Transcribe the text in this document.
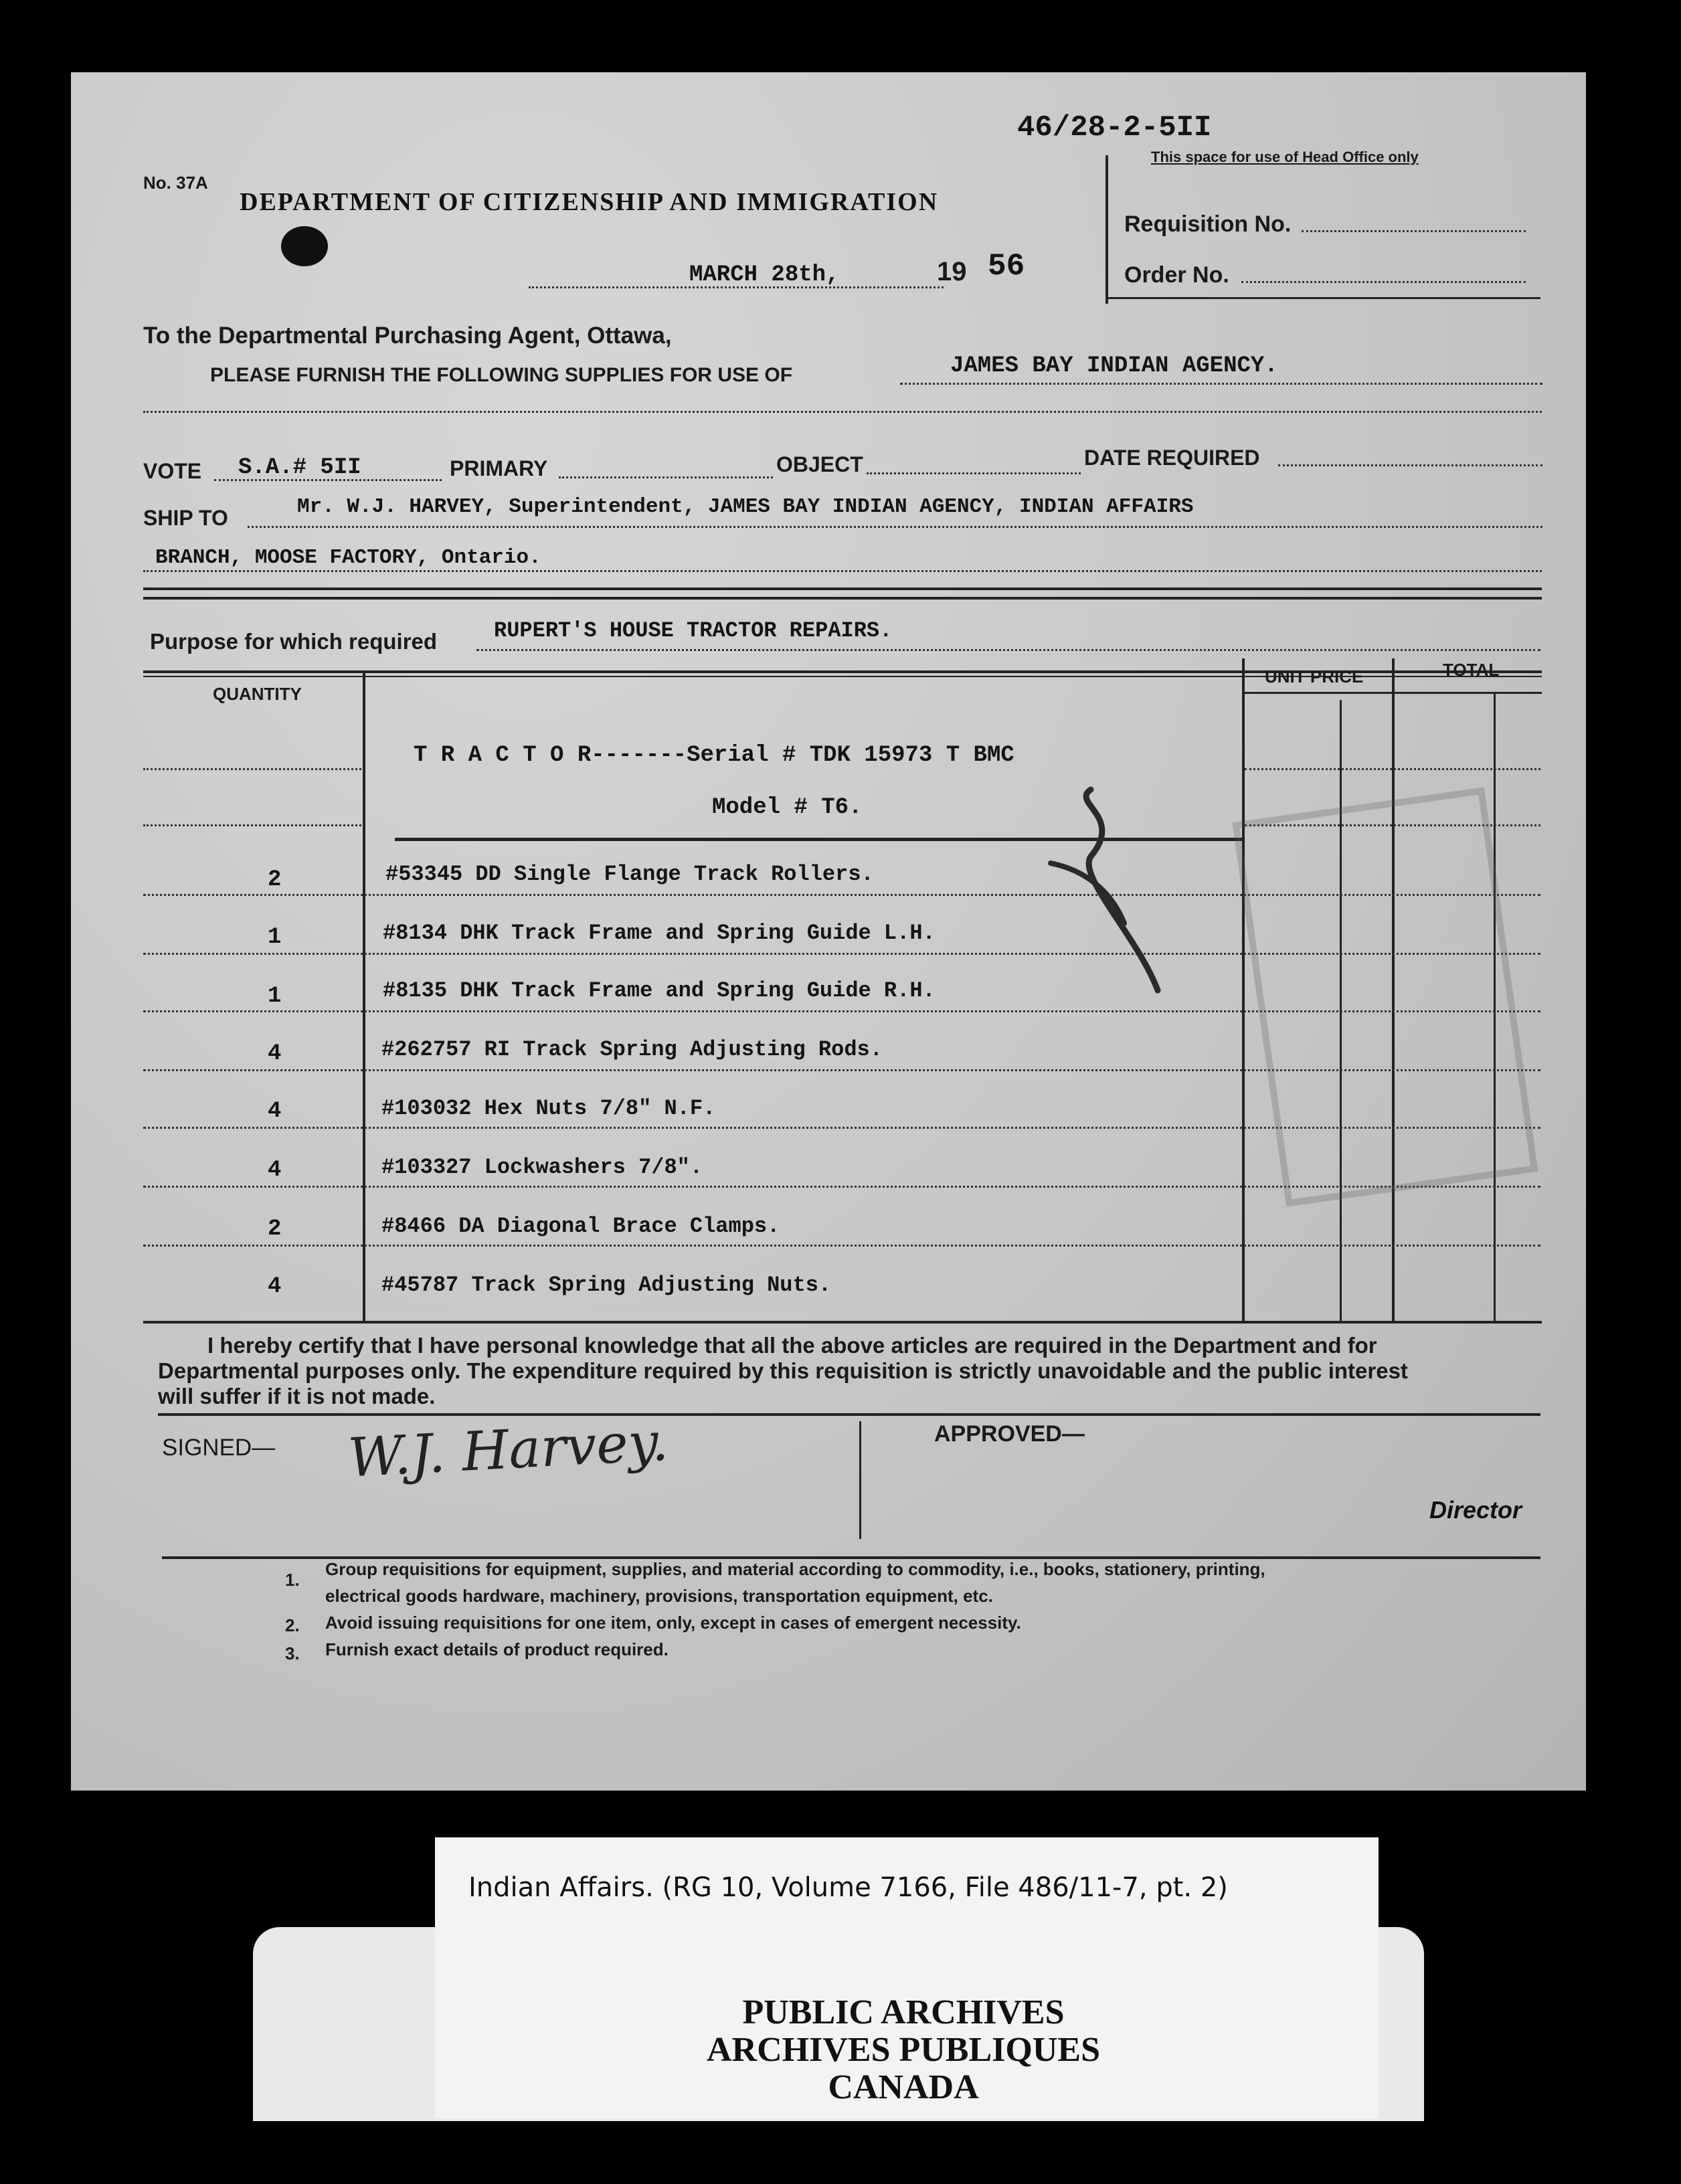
No. 37A
46/28-2-5II
This space for use of Head Office only
Requisition No.
Order No.
DEPARTMENT OF CITIZENSHIP AND IMMIGRATION
MARCH 28th,	19 56
To the Departmental Purchasing Agent, Ottawa,
PLEASE FURNISH THE FOLLOWING SUPPLIES FOR USE OF	JAMES BAY INDIAN AGENCY.
VOTE S.A.# 5II	PRIMARY	OBJECT	DATE REQUIRED
SHIP TO	Mr. W.J. HARVEY, Superintendent, JAMES BAY INDIAN AGENCY, INDIAN AFFAIRS
BRANCH, MOOSE FACTORY, Ontario.
Purpose for which required	RUPERT'S HOUSE TRACTOR REPAIRS.
QUANTITY
UNIT PRICE	TOTAL
T R A C T O R-------Serial # TDK 15973 T BMC
Model # T6.
2	#53345 DD Single Flange Track Rollers.
1	#8134 DHK Track Frame and Spring Guide L.H.
1	#8135 DHK Track Frame and Spring Guide R.H.
4	#262757 RI Track Spring Adjusting Rods.
4	#103032 Hex Nuts 7/8" N.F.
4	#103327 Lockwashers 7/8".
2	#8466 DA Diagonal Brace Clamps.
4	#45787 Track Spring Adjusting Nuts.
I hereby certify that I have personal knowledge that all the above articles are required in the Department and for
Departmental purposes only. The expenditure required by this requisition is strictly unavoidable and the public interest
will suffer if it is not made.
SIGNED— W.J. Harvey.	APPROVED—
Director
1.
Group requisitions for equipment, supplies, and material according to commodity, i.e., books, stationery, printing,
electrical goods hardware, machinery, provisions, transportation equipment, etc.
2. Avoid issuing requisitions for one item, only, except in cases of emergent necessity.
3. Furnish exact details of product required.
Indian Affairs. (RG 10, Volume 7166, File 486/11-7, pt. 2)
PUBLIC ARCHIVES
ARCHIVES PUBLIQUES
CANADA
